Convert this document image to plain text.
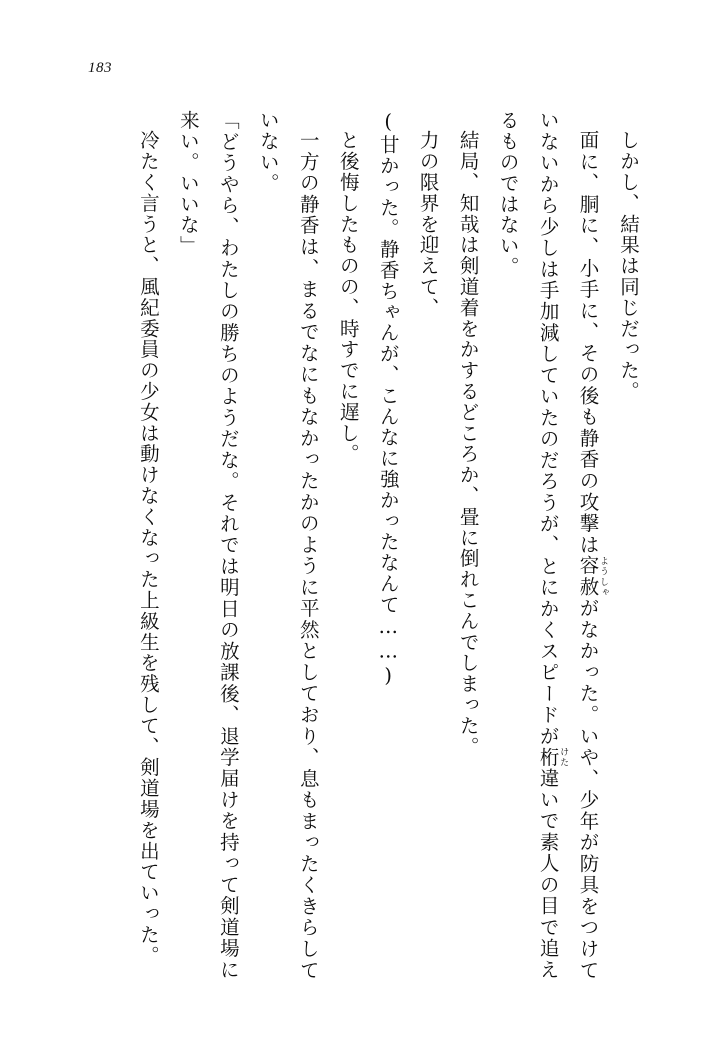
183

しかし、結果は同じだった。

面に、胴に、小手に、その後も静香の攻撃は容赦ようしゃがなかった。いや、少年が防具をつけていないから少しは手加減していたのだろうが、とにかくスピードが桁けた違いで素人の目で追えるものではない。

結局、知哉は剣道着をかするどころか、畳に倒れこんでしまった。

力の限界を迎えて、

(甘かった。静香ちゃんが、こんなに強かったなんて……)

と後悔したものの、時すでに遅し。

一方の静香は、まるでなにもなかったかのように平然としており、息もまったくきらしていない。

「どうやら、わたしの勝ちのようだな。それでは明日の放課後、退学届けを持って剣道場に来い。いいな」

冷たく言うと、風紀委員の少女は動けなくなった上級生を残して、剣道場を出ていった。
